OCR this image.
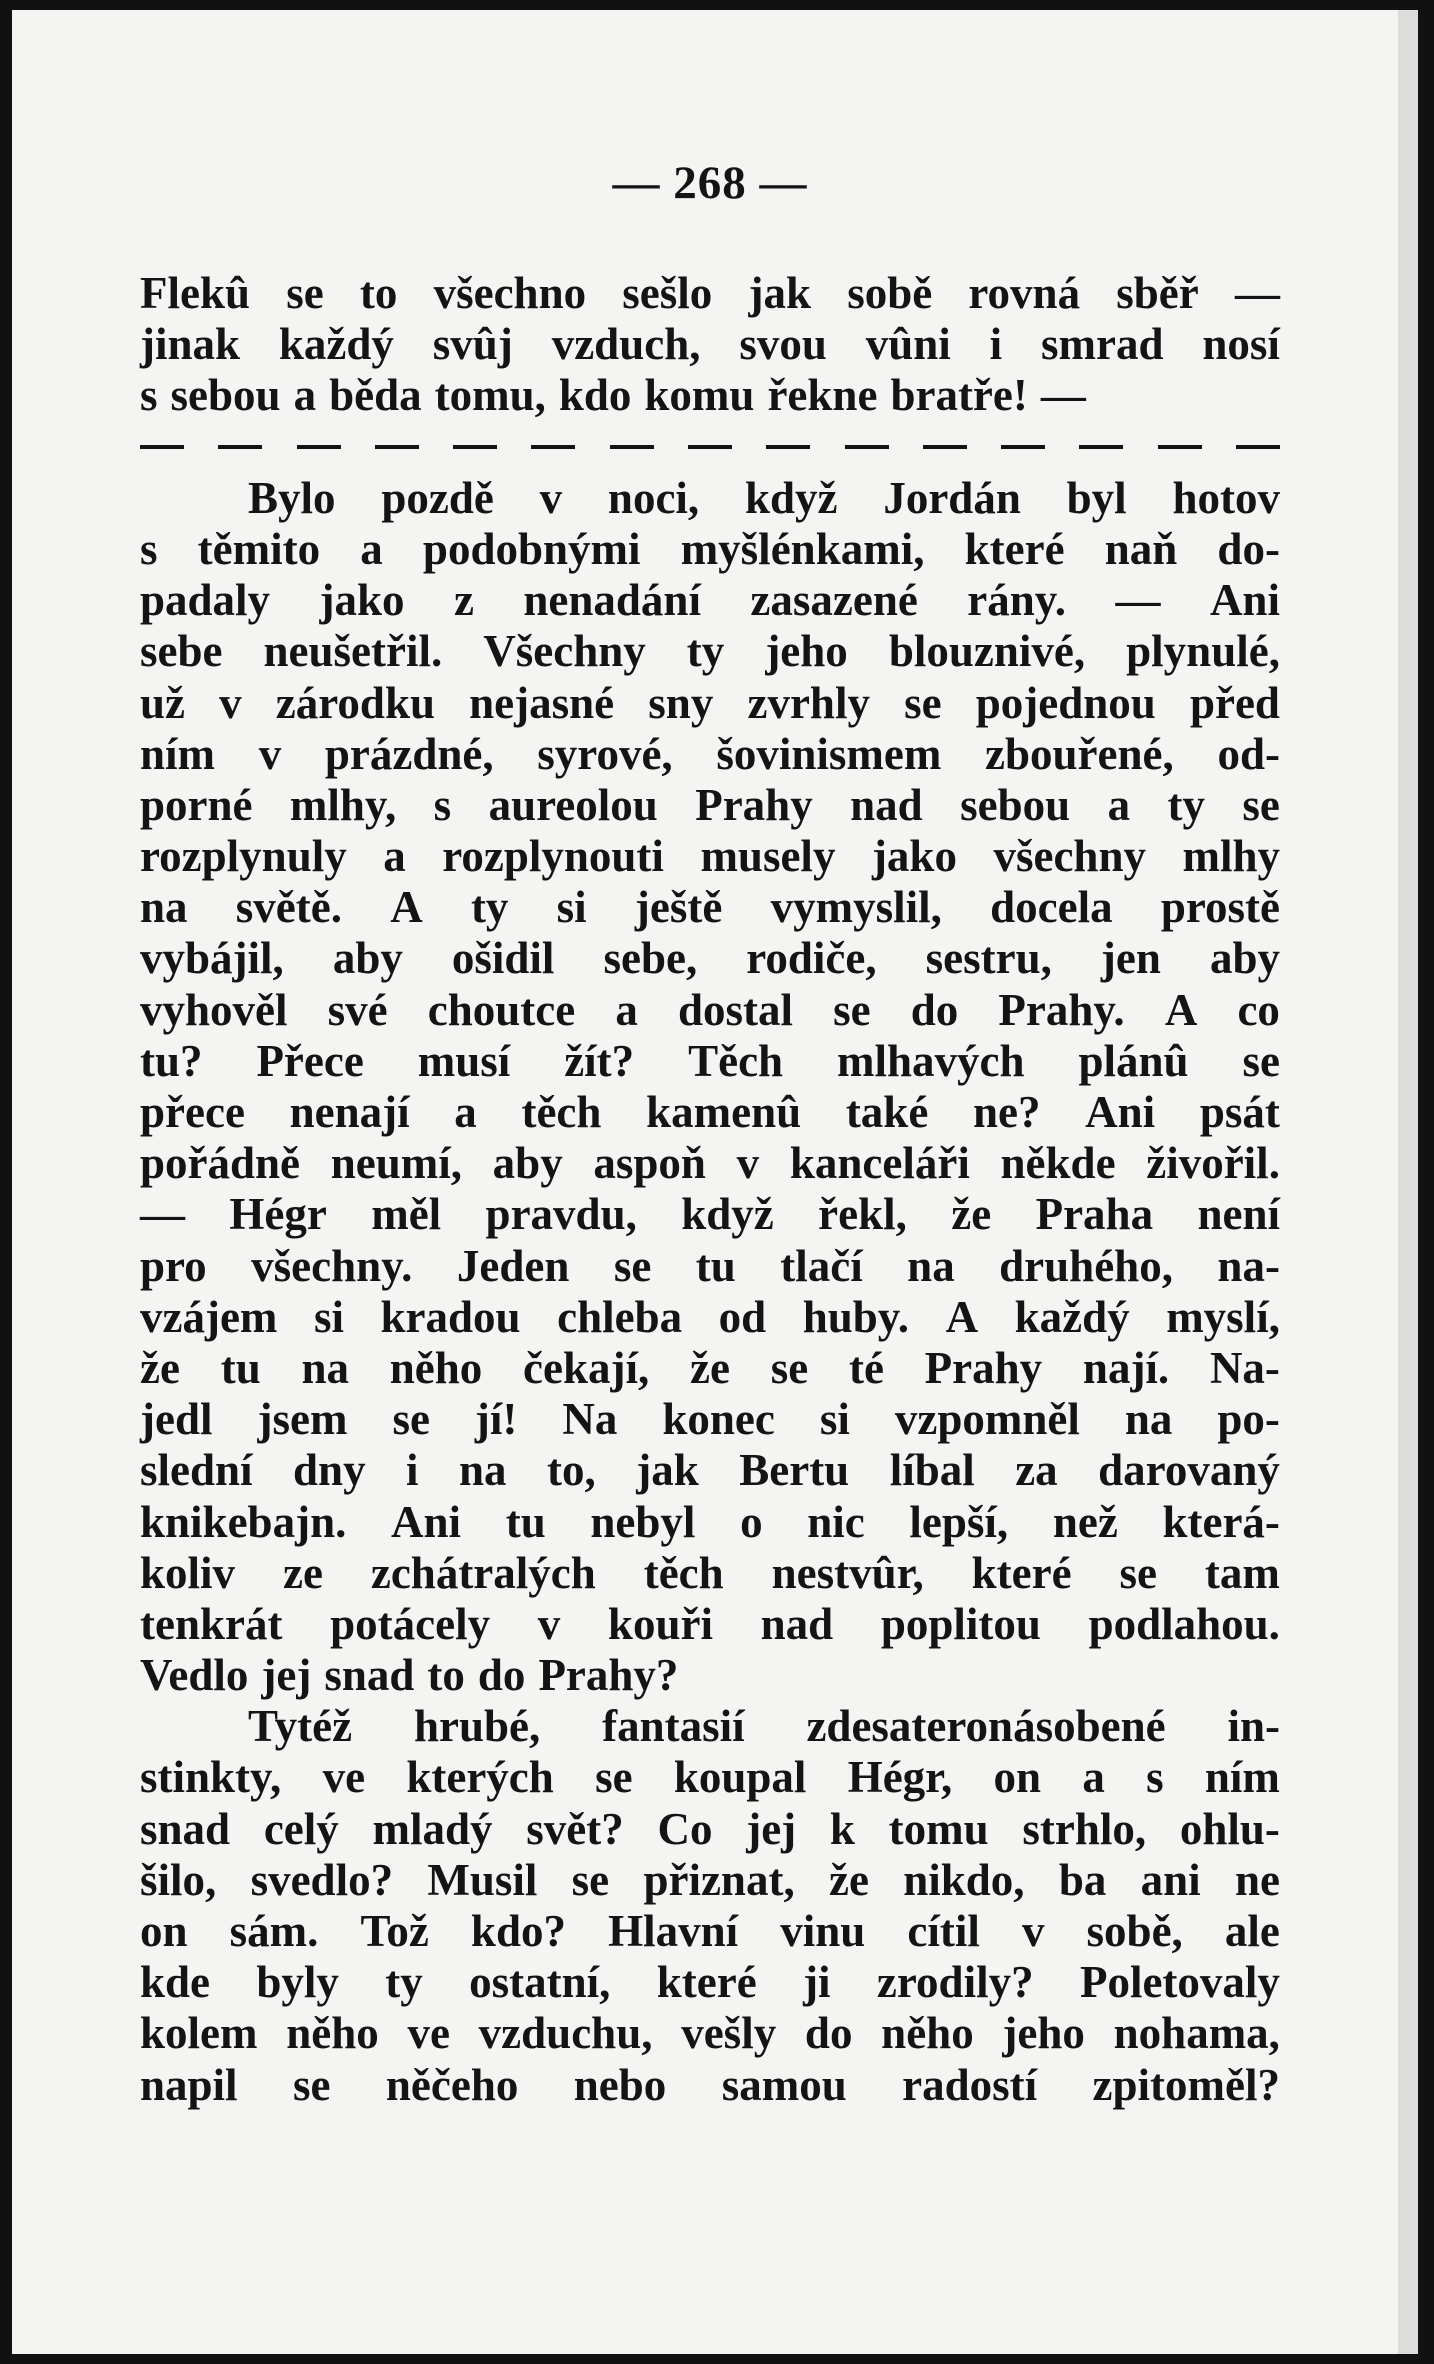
— 268 —
Flekû se to všechno sešlo jak sobě rovná sběř —
jinak každý svûj vzduch, svou vûni i smrad nosí
s sebou a běda tomu, kdo komu řekne bratře! —
Bylo pozdě v noci, když Jordán byl hotov
s těmito a podobnými myšlénkami, které naň do-
padaly jako z nenadání zasazené rány. — Ani
sebe neušetřil. Všechny ty jeho blouznivé, plynulé,
už v zárodku nejasné sny zvrhly se pojednou před
ním v prázdné, syrové, šovinismem zbouřené, od-
porné mlhy, s aureolou Prahy nad sebou a ty se
rozplynuly a rozplynouti musely jako všechny mlhy
na světě. A ty si ještě vymyslil, docela prostě
vybájil, aby ošidil sebe, rodiče, sestru, jen aby
vyhověl své choutce a dostal se do Prahy. A co
tu? Přece musí žít? Těch mlhavých plánû se
přece nenají a těch kamenû také ne? Ani psát
pořádně neumí, aby aspoň v kanceláři někde živořil.
— Hégr měl pravdu, když řekl, že Praha není
pro všechny. Jeden se tu tlačí na druhého, na-
vzájem si kradou chleba od huby. A každý myslí,
že tu na něho čekají, že se té Prahy nají. Na-
jedl jsem se jí! Na konec si vzpomněl na po-
slední dny i na to, jak Bertu líbal za darovaný
knikebajn. Ani tu nebyl o nic lepší, než která-
koliv ze zchátralých těch nestvûr, které se tam
tenkrát potácely v kouři nad poplitou podlahou.
Vedlo jej snad to do Prahy?
Tytéž hrubé, fantasií zdesateronásobené in-
stinkty, ve kterých se koupal Hégr, on a s ním
snad celý mladý svět? Co jej k tomu strhlo, ohlu-
šilo, svedlo? Musil se přiznat, že nikdo, ba ani ne
on sám. Tož kdo? Hlavní vinu cítil v sobě, ale
kde byly ty ostatní, které ji zrodily? Poletovaly
kolem něho ve vzduchu, vešly do něho jeho nohama,
napil se něčeho nebo samou radostí zpitoměl?
